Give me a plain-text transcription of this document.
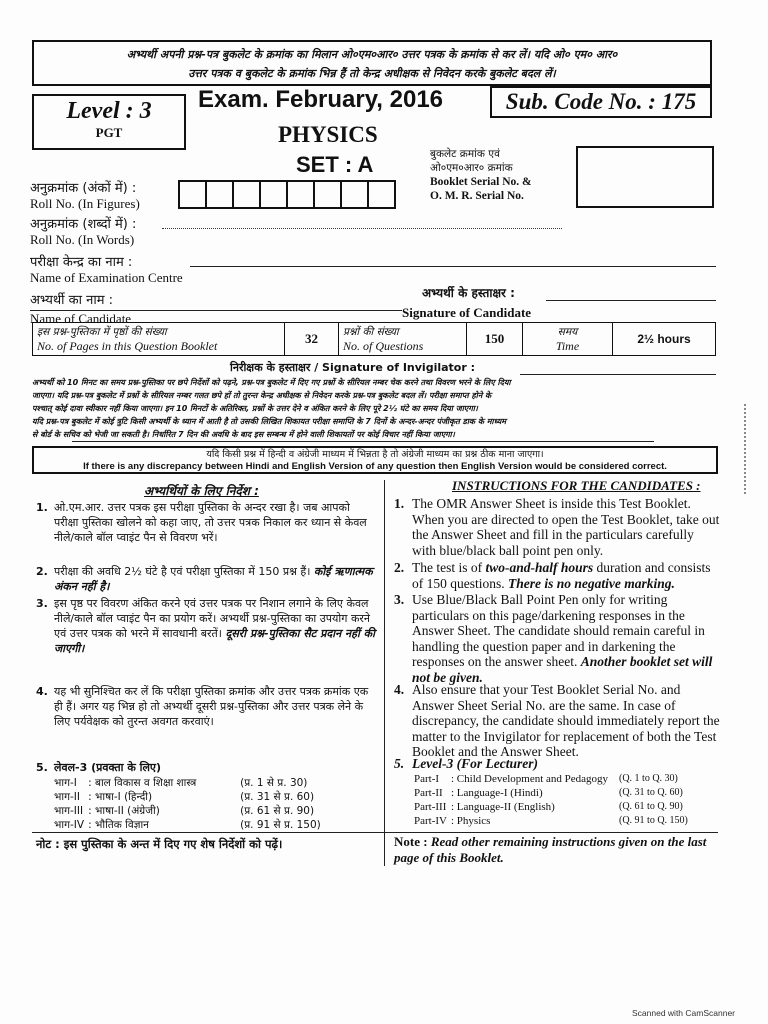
अभ्यर्थी अपनी प्रश्न-पत्र बुकलेट के क्रमांक का मिलान ओ०एम०आर० उत्तर पत्रक के क्रमांक से कर लें। यदि ओ० एम० आर०
उत्तर पत्रक व बुकलेट के क्रमांक भिन्न हैं तो केन्द्र अधीक्षक से निवेदन करके बुकलेट बदल लें।
Level : 3
PGT
Exam. February, 2016	Sub. Code No. : 175
PHYSICS
SET : A	बुकलेट क्रमांक एवं
ओ०एम०आर० क्रमांक
Booklet Serial No. &
O. M. R. Serial No.
अनुक्रमांक (अंकों में) :
Roll No. (In Figures)
अनुक्रमांक (शब्दों में) :
Roll No. (In Words)
परीक्षा केन्द्र का नाम :
Name of Examination Centre
अभ्यर्थी का नाम :
Name of Candidate
अभ्यर्थी के हस्ताक्षर :
Signature of Candidate
इस प्रश्न-पुस्तिका में पृष्ठों की संख्या
No. of Pages in this Question Booklet	32	प्रश्नों की संख्या
No. of Questions	150	समय
Time	2½ hours
निरीक्षक के हस्ताक्षर / Signature of Invigilator :
अभ्यर्थी को 10 मिनट का समय प्रश्न-पुस्तिका पर छपे निर्देशों को पढ़ने, प्रश्न-पत्र बुकलेट में दिए गए प्रश्नों के सीरियल नम्बर चेक करने तथा विवरण भरने के लिए दिया
जाएगा। यदि प्रश्न-पत्र बुकलेट में प्रश्नों के सीरियल नम्बर गलत छपे हों तो तुरन्त केन्द्र अधीक्षक से निवेदन करके प्रश्न-पत्र बुकलेट बदल लें। परीक्षा समाप्त होने के
पश्चात् कोई दावा स्वीकार नहीं किया जाएगा। इन 10 मिनटों के अतिरिक्त, प्रश्नों के उत्तर देने व अंकित करने के लिए पूरे 2½ घंटे का समय दिया जाएगा।
यदि प्रश्न-पत्र बुकलेट में कोई त्रुटि किसी अभ्यर्थी के ध्यान में आती है तो उसकी लिखित शिकायत परीक्षा समाप्ति के 7 दिनों के अन्दर-अन्दर पंजीकृत डाक के माध्यम
से बोर्ड के सचिव को भेजी जा सकती है। निर्धारित 7 दिन की अवधि के बाद इस सम्बन्ध में होने वाली शिकायतों पर कोई विचार नहीं किया जाएगा।
यदि किसी प्रश्न में हिन्दी व अंग्रेजी माध्यम में भिन्नता है तो अंग्रेजी माध्यम का प्रश्न ठीक माना जाएगा।
If there is any discrepancy between Hindi and English Version of any question then English Version would be considered correct.
अभ्यर्थियों के लिए निर्देश :
1. ओ.एम.आर. उत्तर पत्रक इस परीक्षा पुस्तिका के अन्दर रखा है। जब आपको परीक्षा पुस्तिका खोलने को कहा जाए, तो उत्तर पत्रक निकाल कर ध्यान से केवल नीले/काले बॉल प्वाइंट पैन से विवरण भरें।
2. परीक्षा की अवधि 2½ घंटे है एवं परीक्षा पुस्तिका में 150 प्रश्न हैं। कोई ऋणात्मक अंकन नहीं है।
3. इस पृष्ठ पर विवरण अंकित करने एवं उत्तर पत्रक पर निशान लगाने के लिए केवल नीले/काले बॉल प्वाइंट पैन का प्रयोग करें। अभ्यर्थी प्रश्न-पुस्तिका का उपयोग करने एवं उत्तर पत्रक को भरने में सावधानी बरतें। दूसरी प्रश्न-पुस्तिका सैट प्रदान नहीं की जाएगी।
4. यह भी सुनिश्चित कर लें कि परीक्षा पुस्तिका क्रमांक और उत्तर पत्रक क्रमांक एक ही हैं। अगर यह भिन्न हो तो अभ्यर्थी दूसरी प्रश्न-पुस्तिका और उत्तर पत्रक लेने के लिए पर्यवेक्षक को तुरन्त अवगत करवाएं।
5. लेवल-3 (प्रवक्ता के लिए)
भाग-I	: बाल विकास व शिक्षा शास्त्र	(प्र. 1 से प्र. 30)
भाग-II	: भाषा-I (हिन्दी)	(प्र. 31 से प्र. 60)
भाग-III	: भाषा-II (अंग्रेजी)	(प्र. 61 से प्र. 90)
भाग-IV	: भौतिक विज्ञान	(प्र. 91 से प्र. 150)
INSTRUCTIONS FOR THE CANDIDATES :
1. The OMR Answer Sheet is inside this Test Booklet. When you are directed to open the Test Booklet, take out the Answer Sheet and fill in the particulars carefully with blue/black ball point pen only.
2. The test is of two-and-half hours duration and consists of 150 questions. There is no negative marking.
3. Use Blue/Black Ball Point Pen only for writing particulars on this page/darkening responses in the Answer Sheet. The candidate should remain careful in handling the question paper and in darkening the responses on the answer sheet. Another booklet set will not be given.
4. Also ensure that your Test Booklet Serial No. and Answer Sheet Serial No. are the same. In case of discrepancy, the candidate should immediately report the matter to the Invigilator for replacement of both the Test Booklet and the Answer Sheet.
5. Level-3 (For Lecturer)
Part-I	: Child Development and Pedagogy	(Q. 1 to Q. 30)
Part-II	: Language-I (Hindi)	(Q. 31 to Q. 60)
Part-III	: Language-II (English)	(Q. 61 to Q. 90)
Part-IV	: Physics	(Q. 91 to Q. 150)
नोट : इस पुस्तिका के अन्त में दिए गए शेष निर्देशों को पढ़ें।	Note : Read other remaining instructions given on the last page of this Booklet.
Scanned with CamScanner
